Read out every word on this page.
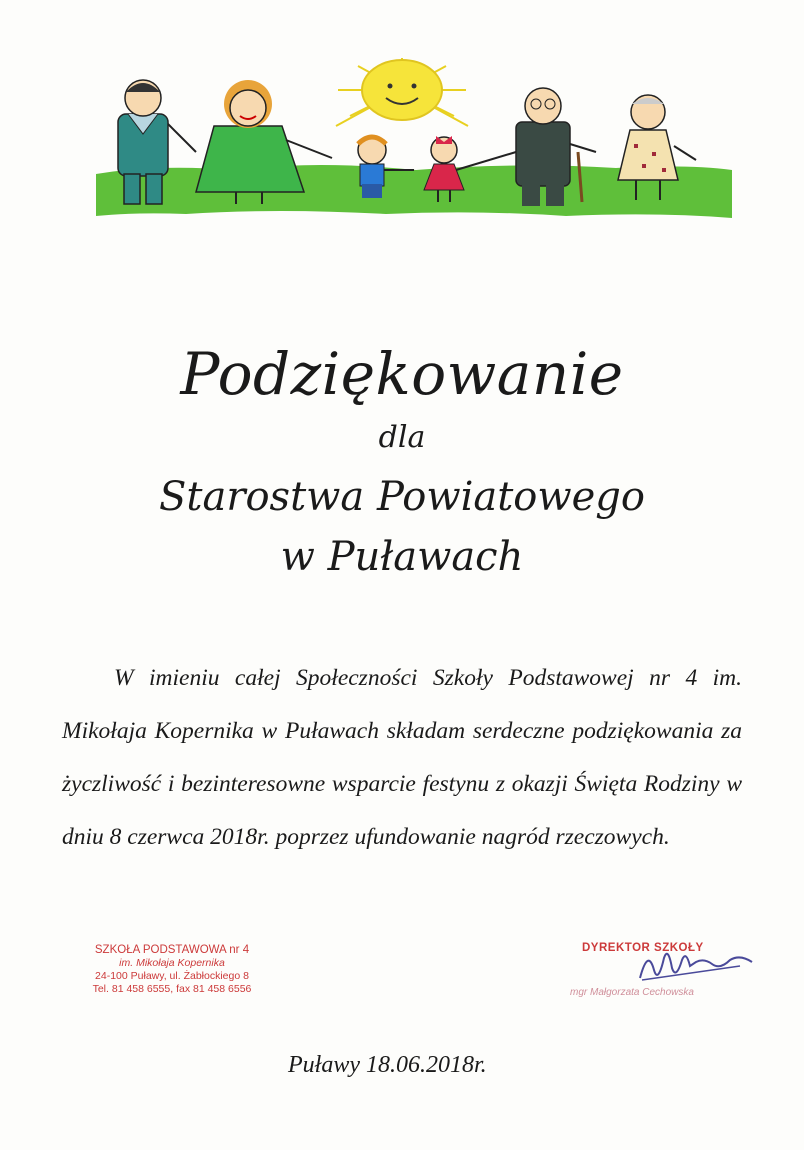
Podziękowanie
dla
Starostwa Powiatowego
w Puławach
W imieniu całej Społeczności Szkoły Podstawowej nr 4 im. Mikołaja Kopernika w Puławach składam serdeczne podziękowania za życzliwość i bezinteresowne wsparcie festynu z okazji Święta Rodziny w dniu 8 czerwca 2018r. poprzez ufundowanie nagród rzeczowych.
SZKOŁA PODSTAWOWA nr 4
im. Mikołaja Kopernika
24-100 Puławy, ul. Żabłockiego 8
Tel. 81 458 6555, fax 81 458 6556
DYREKTOR SZKOŁY
mgr Małgorzata Cechowska
Puławy 18.06.2018r.
